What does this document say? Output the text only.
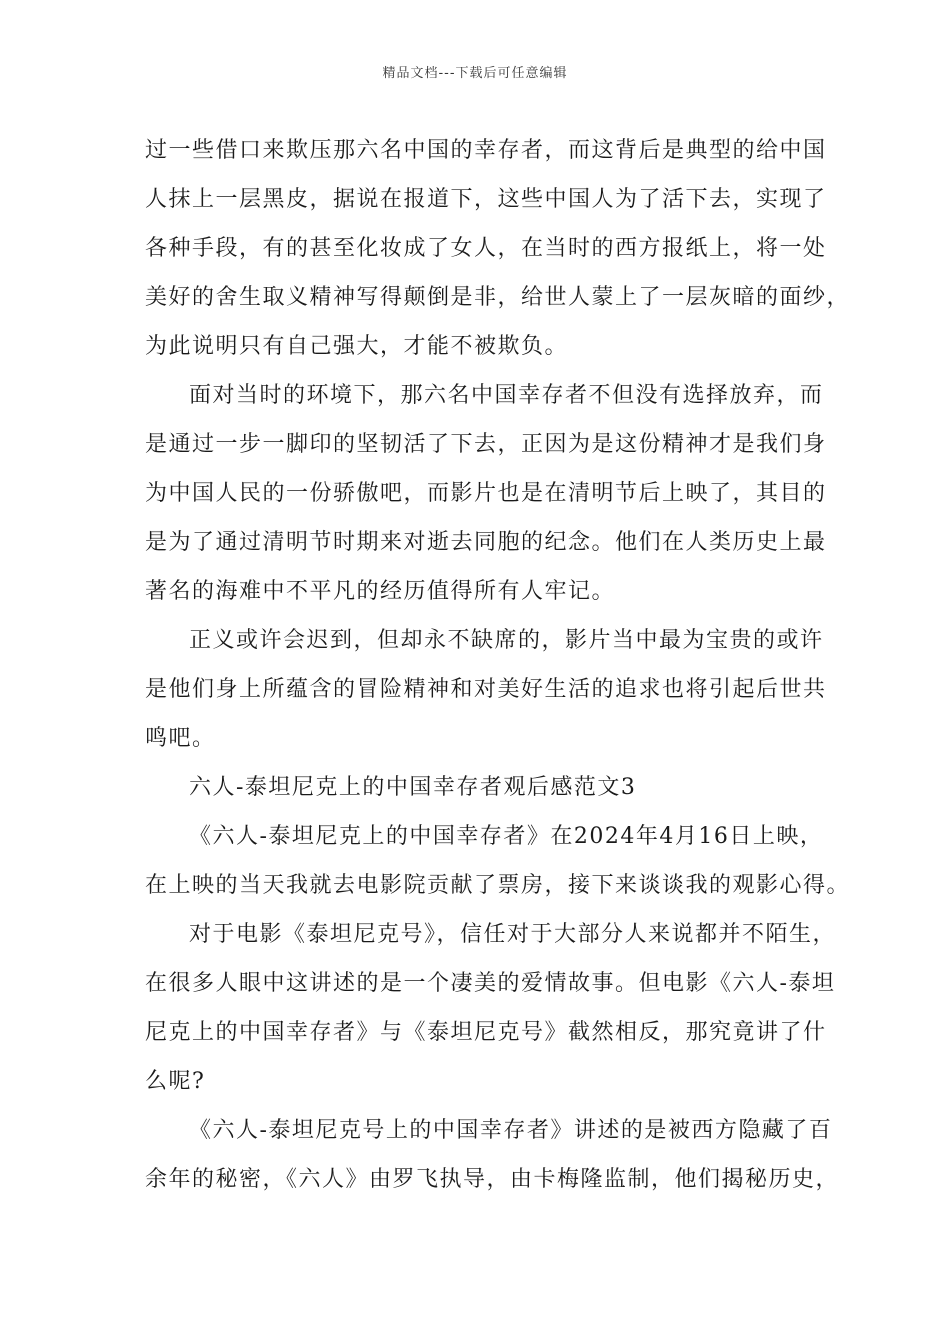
精品文档---下载后可任意编辑
过一些借口来欺压那六名中国的幸存者，而这背后是典型的给中国
人抹上一层黑皮，据说在报道下，这些中国人为了活下去，实现了
各种手段，有的甚至化妆成了女人，在当时的西方报纸上，将一处
美好的舍生取义精神写得颠倒是非，给世人蒙上了一层灰暗的面纱，
为此说明只有自己强大，才能不被欺负。
面对当时的环境下，那六名中国幸存者不但没有选择放弃，而
是通过一步一脚印的坚韧活了下去，正因为是这份精神才是我们身
为中国人民的一份骄傲吧，而影片也是在清明节后上映了，其目的
是为了通过清明节时期来对逝去同胞的纪念。他们在人类历史上最
著名的海难中不平凡的经历值得所有人牢记。
正义或许会迟到，但却永不缺席的，影片当中最为宝贵的或许
是他们身上所蕴含的冒险精神和对美好生活的追求也将引起后世共
鸣吧。
六人-泰坦尼克上的中国幸存者观后感范文3
《六人-泰坦尼克上的中国幸存者》在2024年4月16日上映，
在上映的当天我就去电影院贡献了票房，接下来谈谈我的观影心得。
对于电影《泰坦尼克号》，信任对于大部分人来说都并不陌生，
在很多人眼中这讲述的是一个凄美的爱情故事。但电影《六人-泰坦
尼克上的中国幸存者》与《泰坦尼克号》截然相反，那究竟讲了什
么呢?
《六人-泰坦尼克号上的中国幸存者》讲述的是被西方隐藏了百
余年的秘密，《六人》由罗飞执导，由卡梅隆监制，他们揭秘历史，
